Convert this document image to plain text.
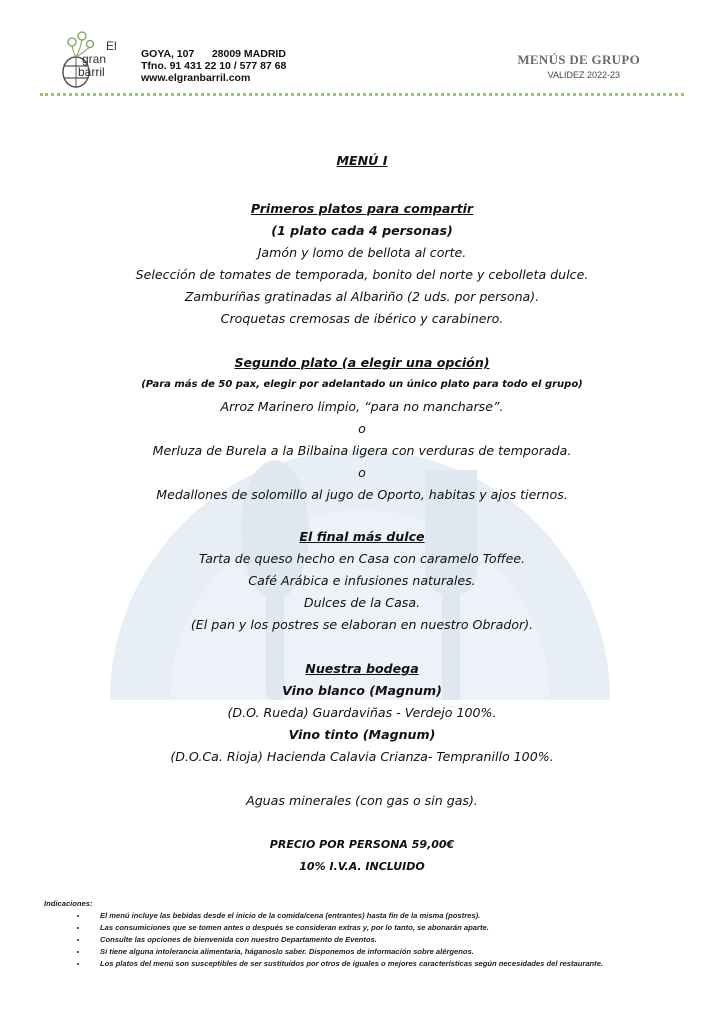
El
gran
barril
GOYA, 107      28009 MADRID
Tfno. 91 431 22 10 / 577 87 68
www.elgranbarril.com
MENÚS DE GRUPO
VALIDEZ 2022-23
MENÚ I
Primeros platos para compartir
(1 plato cada 4 personas)
Jamón y lomo de bellota al corte.
Selección de tomates de temporada, bonito del norte y cebolleta dulce.
Zamburiñas gratinadas al Albariño (2 uds. por persona).
Croquetas cremosas de ibérico y carabinero.
Segundo plato (a elegir una opción)
(Para más de 50 pax, elegir por adelantado un único plato para todo el grupo)
Arroz Marinero limpio, “para no mancharse”.
o
Merluza de Burela a la Bilbaina ligera con verduras de temporada.
o
Medallones de solomillo al jugo de Oporto, habitas y ajos tiernos.
El final más dulce
Tarta de queso hecho en Casa con caramelo Toffee.
Café Arábica e infusiones naturales.
Dulces de la Casa.
(El pan y los postres se elaboran en nuestro Obrador).
Nuestra bodega
Vino blanco (Magnum)
(D.O. Rueda) Guardaviñas - Verdejo 100%.
Vino tinto (Magnum)
(D.O.Ca. Rioja) Hacienda Calavia Crianza- Tempranillo 100%.
Aguas minerales (con gas o sin gas).
PRECIO POR PERSONA 59,00€
10% I.V.A. INCLUIDO
Indicaciones:
• El menú incluye las bebidas desde el inicio de la comida/cena (entrantes) hasta fin de la misma (postres).
• Las consumiciones que se tomen antes o después se consideran extras y, por lo tanto, se abonarán aparte.
• Consulte las opciones de bienvenida con nuestro Departamento de Eventos.
• Si tiene alguna intolerancia alimentaria, háganoslo saber. Disponemos de información sobre alérgenos.
• Los platos del menú son susceptibles de ser sustituidos por otros de iguales o mejores características según necesidades del restaurante.
